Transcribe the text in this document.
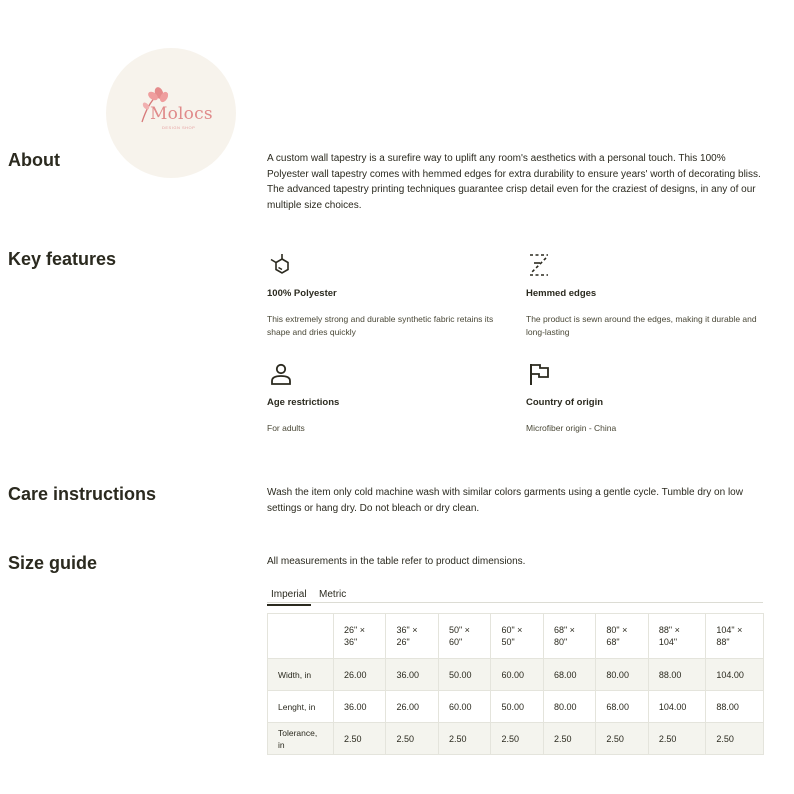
Molocs
DESIGN SHOP
About	A custom wall tapestry is a surefire way to uplift any room's aesthetics with a personal touch. This 100% Polyester wall tapestry comes with hemmed edges for extra durability to ensure years' worth of decorating bliss. The advanced tapestry printing techniques guarantee crisp detail even for the craziest of designs, in any of our multiple size choices.
Key features
100% Polyester
This extremely strong and durable synthetic fabric retains its shape and dries quickly
Hemmed edges
The product is sewn around the edges, making it durable and long-lasting
Age restrictions
For adults
Country of origin
Microfiber origin - China
Care instructions	Wash the item only cold machine wash with similar colors garments using a gentle cycle. Tumble dry on low settings or hang dry. Do not bleach or dry clean.
Size guide	All measurements in the table refer to product dimensions.
Imperial Metric
	26" × 36"	36" × 26"	50" × 60"	60" × 50"	68" × 80"	80" × 68"	88" × 104"	104" × 88"
Width, in	26.00	36.00	50.00	60.00	68.00	80.00	88.00	104.00
Lenght, in	36.00	26.00	60.00	50.00	80.00	68.00	104.00	88.00
Tolerance, in	2.50	2.50	2.50	2.50	2.50	2.50	2.50	2.50
